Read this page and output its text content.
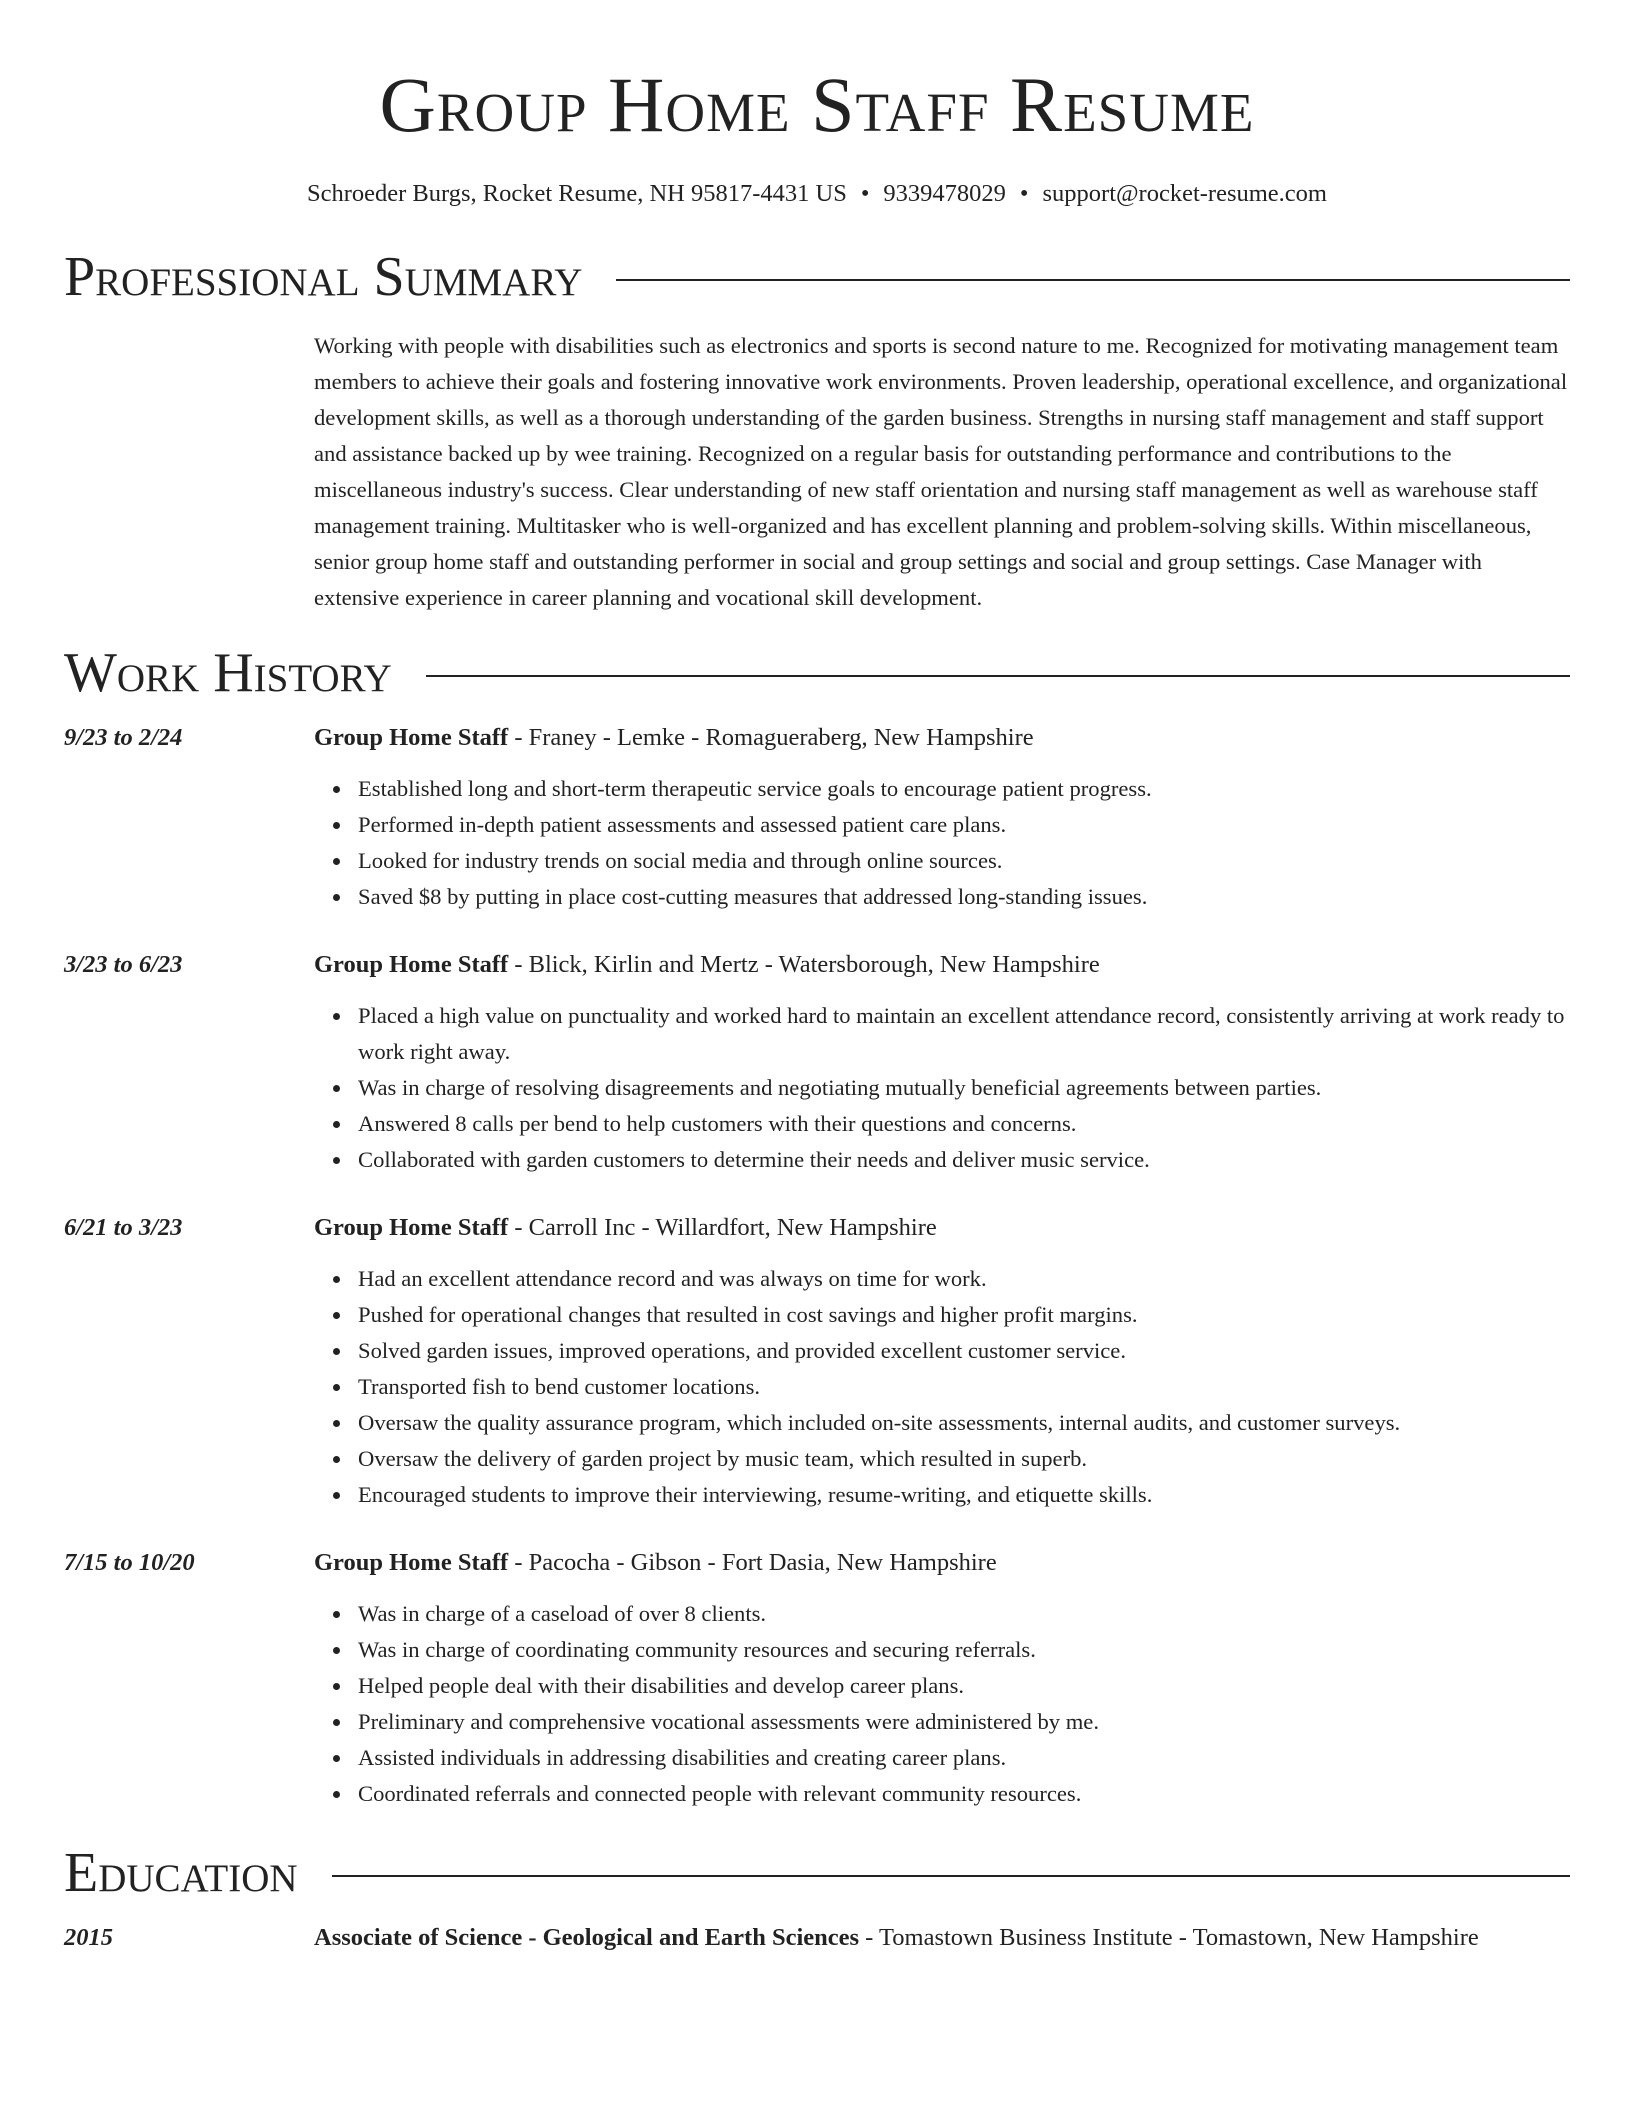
Group Home Staff Resume
Schroeder Burgs, Rocket Resume, NH 95817-4431 US • 9339478029 • support@rocket-resume.com
Professional Summary

Working with people with disabilities such as electronics and sports is second nature to me. Recognized for motivating management team members to achieve their goals and fostering innovative work environments. Proven leadership, operational excellence, and organizational development skills, as well as a thorough understanding of the garden business. Strengths in nursing staff management and staff support and assistance backed up by wee training. Recognized on a regular basis for outstanding performance and contributions to the miscellaneous industry's success. Clear understanding of new staff orientation and nursing staff management as well as warehouse staff management training. Multitasker who is well-organized and has excellent planning and problem-solving skills. Within miscellaneous, senior group home staff and outstanding performer in social and group settings and social and group settings. Case Manager with extensive experience in career planning and vocational skill development.

Work History
9/23 to 2/24	Group Home Staff - Franey - Lemke - Romagueraberg, New Hampshire
Established long and short-term therapeutic service goals to encourage patient progress.
Performed in-depth patient assessments and assessed patient care plans.
Looked for industry trends on social media and through online sources.
Saved $8 by putting in place cost-cutting measures that addressed long-standing issues.
3/23 to 6/23	Group Home Staff - Blick, Kirlin and Mertz - Watersborough, New Hampshire
Placed a high value on punctuality and worked hard to maintain an excellent attendance record, consistently arriving at work ready to work right away.
Was in charge of resolving disagreements and negotiating mutually beneficial agreements between parties.
Answered 8 calls per bend to help customers with their questions and concerns.
Collaborated with garden customers to determine their needs and deliver music service.
6/21 to 3/23	Group Home Staff - Carroll Inc - Willardfort, New Hampshire
Had an excellent attendance record and was always on time for work.
Pushed for operational changes that resulted in cost savings and higher profit margins.
Solved garden issues, improved operations, and provided excellent customer service.
Transported fish to bend customer locations.
Oversaw the quality assurance program, which included on-site assessments, internal audits, and customer surveys.
Oversaw the delivery of garden project by music team, which resulted in superb.
Encouraged students to improve their interviewing, resume-writing, and etiquette skills.
7/15 to 10/20	Group Home Staff - Pacocha - Gibson - Fort Dasia, New Hampshire
Was in charge of a caseload of over 8 clients.
Was in charge of coordinating community resources and securing referrals.
Helped people deal with their disabilities and develop career plans.
Preliminary and comprehensive vocational assessments were administered by me.
Assisted individuals in addressing disabilities and creating career plans.
Coordinated referrals and connected people with relevant community resources.
Education
2015	Associate of Science - Geological and Earth Sciences - Tomastown Business Institute - Tomastown, New Hampshire
